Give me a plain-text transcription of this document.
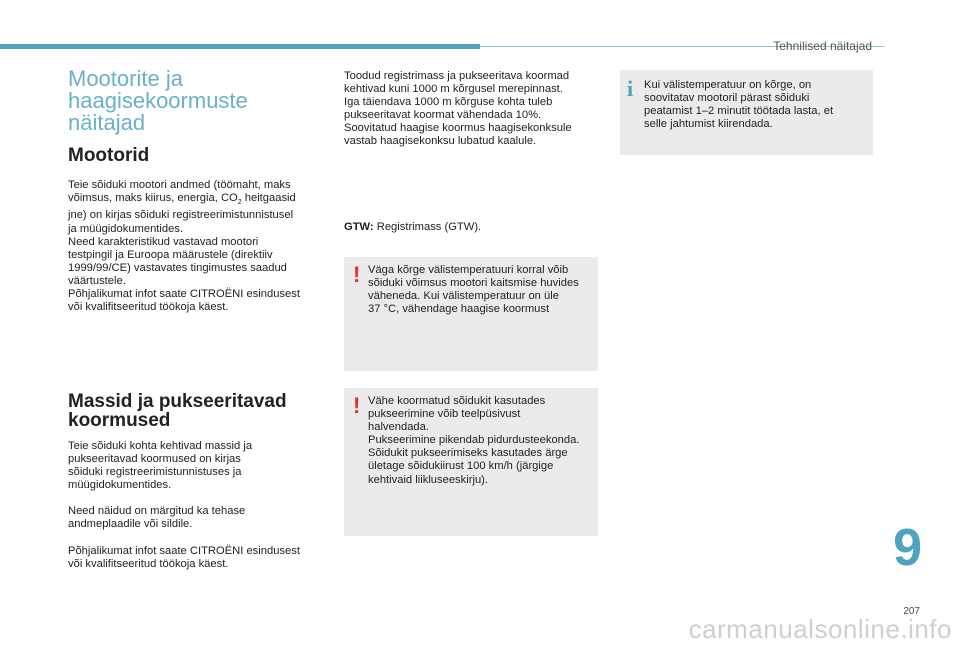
Tehnilised näitajad
Mootorite ja
haagisekoormuste
näitajad
Mootorid

Teie sõiduki mootori andmed (töömaht, maks
võimsus, maks kiirus, energia, $CO_2$ heitgaasid
jne) on kirjas sõiduki registreerimistunnistusel
ja müügidokumentides.
Need karakteristikud vastavad mootori
testpingil ja Euroopa määrustele (direktiiv
1999/99/CE) vastavates tingimustes saadud
väärtustele.
Põhjalikumat infot saate CITROËNI esindusest
või kvalifitseeritud töökoja käest.

Massid ja pukseeritavad
koormused

Teie sõiduki kohta kehtivad massid ja
pukseeritavad koormused on kirjas
sõiduki registreerimistunnistuses ja
müügidokumentides.

Need näidud on märgitud ka tehase
andmeplaadile või sildile.

Põhjalikumat infot saate CITROËNI esindusest
või kvalifitseeritud töökoja käest.

Toodud registrimass ja pukseeritava koormad
kehtivad kuni 1000 m kõrgusel merepinnast.
Iga täiendava 1000 m kõrguse kohta tuleb
pukseeritavat koormat vähendada 10%.
Soovitatud haagise koormus haagisekonksule
vastab haagisekonksu lubatud kaalule.

GTW: Registrimass (GTW).

! Väga kõrge välistemperatuuri korral võib
sõiduki võimsus mootori kaitsmise huvides
väheneda. Kui välistemperatuur on üle
37 °C, vähendage haagise koormust
! Vähe koormatud sõidukit kasutades
pukseerimine võib teelpüsivust
halvendada.
Pukseerimine pikendab pidurdusteekonda.
Sõidukit pukseerimiseks kasutades ärge
ületage sõidukiirust 100 km/h (järgige
kehtivaid liikluseeskirju).
i Kui välistemperatuur on kõrge, on
soovitatav mootoril pärast sõiduki
peatamist 1–2 minutit töötada lasta, et
selle jahtumist kiirendada.
9
207
carmanualsonline.info
